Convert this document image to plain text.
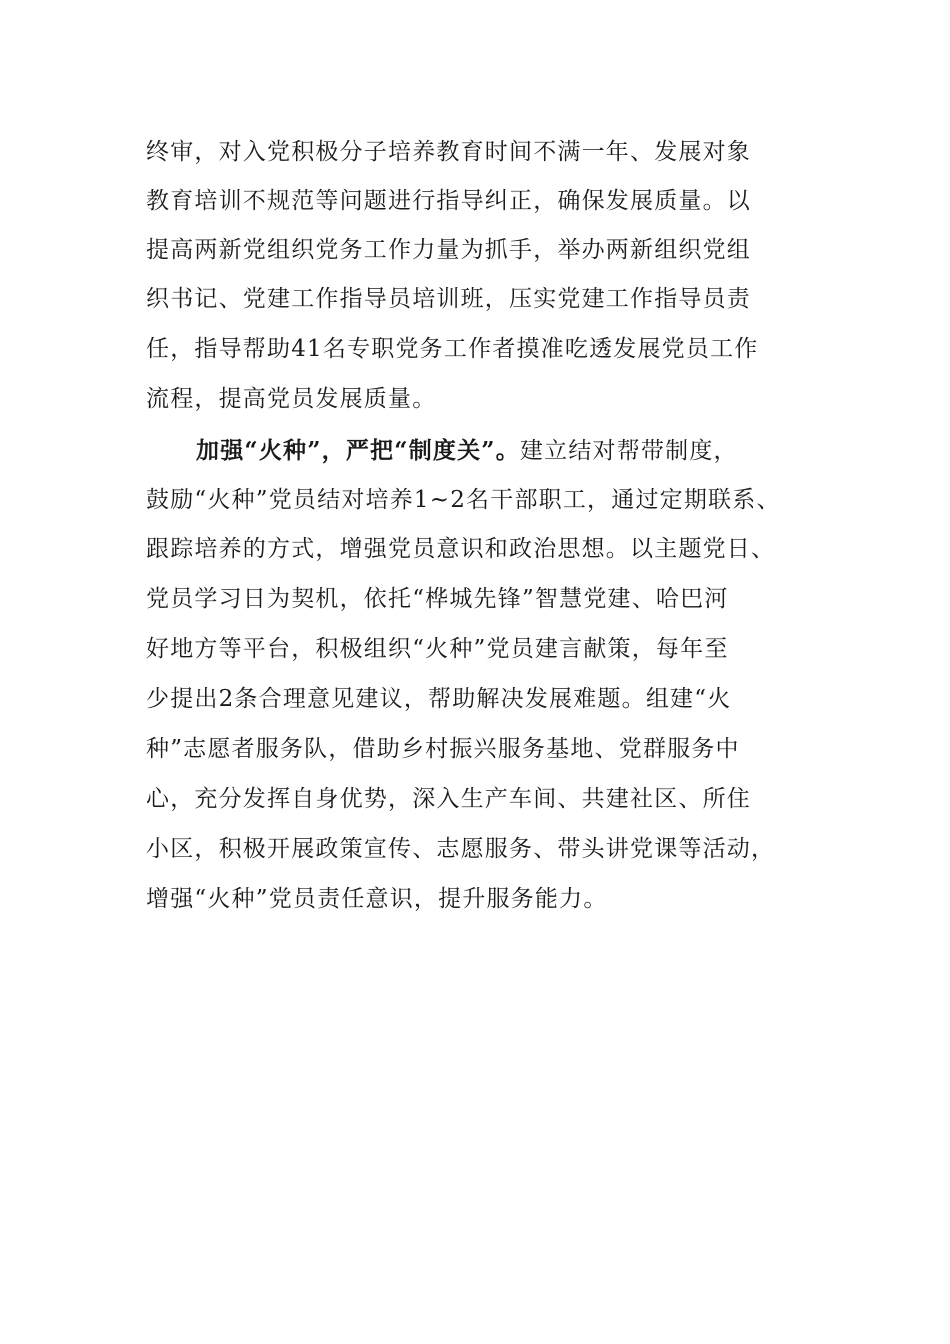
终审，对入党积极分子培养教育时间不满一年、发展对象
教育培训不规范等问题进行指导纠正，确保发展质量。以
提高两新党组织党务工作力量为抓手，举办两新组织党组
织书记、党建工作指导员培训班，压实党建工作指导员责
任，指导帮助41名专职党务工作者摸准吃透发展党员工作
流程，提高党员发展质量。
加强“火种”，严把“制度关”。建立结对帮带制度，
鼓励“火种”党员结对培养1~2名干部职工，通过定期联系、
跟踪培养的方式，增强党员意识和政治思想。以主题党日、
党员学习日为契机，依托“桦城先锋”智慧党建、哈巴河
好地方等平台，积极组织“火种”党员建言献策，每年至
少提出2条合理意见建议，帮助解决发展难题。组建“火
种”志愿者服务队，借助乡村振兴服务基地、党群服务中
心，充分发挥自身优势，深入生产车间、共建社区、所住
小区，积极开展政策宣传、志愿服务、带头讲党课等活动，
增强“火种”党员责任意识，提升服务能力。
